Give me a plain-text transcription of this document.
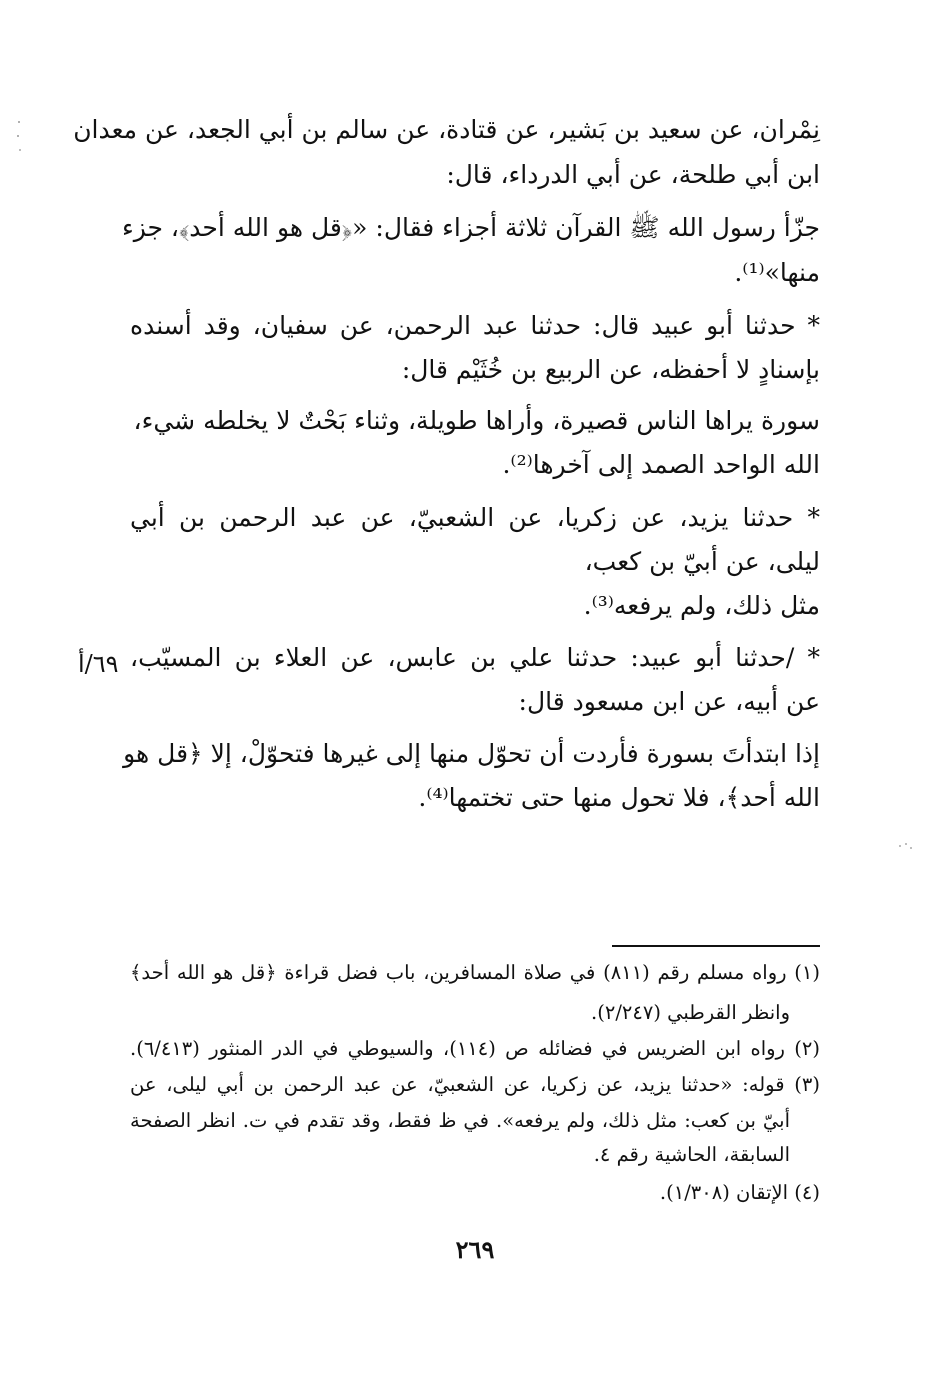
نِمْران، عن سعيد بن بَشير، عن قتادة، عن سالم بن أبي الجعد، عن معدان
ابن أبي طلحة، عن أبي الدرداء، قال:
جزّأ رسول الله ﷺ القرآن ثلاثة أجزاء فقال: «﴿قل هو الله أحد﴾، جزء
منها»⁽¹⁾.
* حدثنا أبو عبيد قال: حدثنا عبد الرحمن، عن سفيان، وقد أسنده
بإسنادٍ لا أحفظه، عن الربيع بن خُثَيْم قال:
سورة يراها الناس قصيرة، وأراها طويلة، وثناء بَحْتٌ لا يخلطه شيء،
الله الواحد الصمد إلى آخرها⁽²⁾.
* حدثنا يزيد، عن زكريا، عن الشعبيّ، عن عبد الرحمن بن أبي
ليلى، عن أبيّ بن كعب،
مثل ذلك، ولم يرفعه⁽³⁾.
* /حدثنا أبو عبيد: حدثنا علي بن عابس، عن العلاء بن المسيّب،
٦٩/أ
عن أبيه، عن ابن مسعود قال:
إذا ابتدأتَ بسورة فأردت أن تحوّل منها إلى غيرها فتحوّلْ، إلا ﴿قل هو
الله أحد﴾، فلا تحول منها حتى تختمها⁽⁴⁾.
(١) رواه مسلم رقم (٨١١) في صلاة المسافرين، باب فضل قراءة ﴿قل هو الله أحد﴾
وانظر القرطبي (٢/٢٤٧).
(٢) رواه ابن الضريس في فضائله ص (١١٤)، والسيوطي في الدر المنثور (٦/٤١٣).
(٣) قوله: «حدثنا يزيد، عن زكريا، عن الشعبيّ، عن عبد الرحمن بن أبي ليلى، عن
أبيّ بن كعب: مثل ذلك، ولم يرفعه». في ظ فقط، وقد تقدم في ت. انظر الصفحة
السابقة، الحاشية رقم ٤.
(٤) الإتقان (١/٣٠٨).
٢٦٩
